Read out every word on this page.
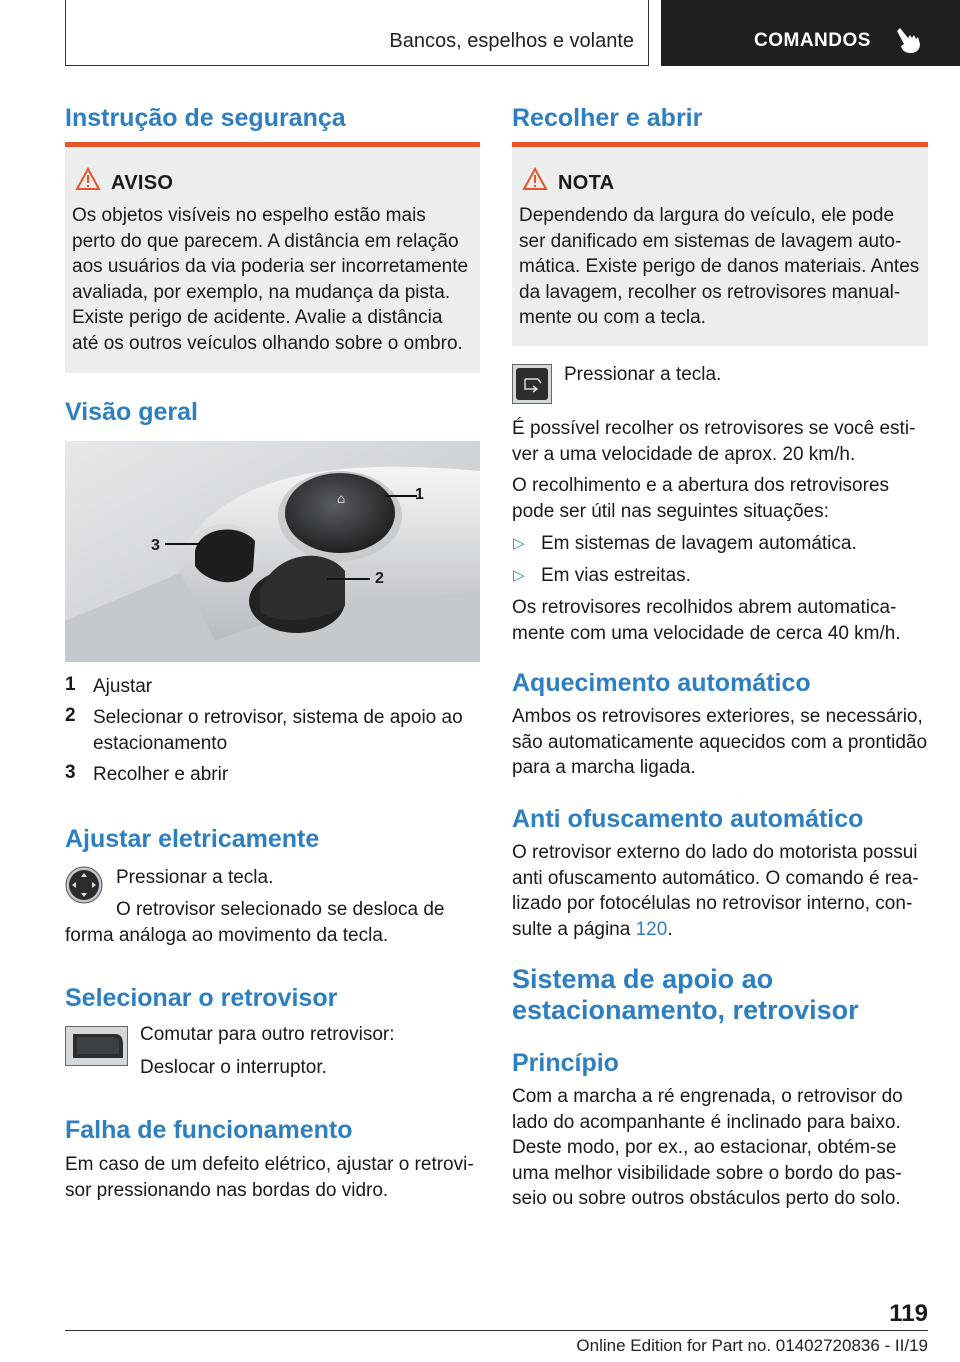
Bancos, espelhos e volante	COMANDOS
Instrução de segurança
AVISO

Os objetos visíveis no espelho estão mais perto do que parecem. A distância em relação aos usuários da via poderia ser incorretamente avaliada, por exemplo, na mudança da pista. Existe perigo de acidente. Avalie a distância até os outros veículos olhando sobre o ombro.

Visão geral
⌂	1
2
3
1 Ajustar

2 Selecionar o retrovisor, sistema de apoio ao estacionamento

3 Recolher e abrir

Ajustar eletricamente

Pressionar a tecla.

O retrovisor selecionado se desloca de forma análoga ao movimento da tecla.

Selecionar o retrovisor

Comutar para outro retrovisor:

Deslocar o interruptor.

Falha de funcionamento

Em caso de um defeito elétrico, ajustar o retrovisor pressionando nas bordas do vidro.

Recolher e abrir
NOTA

Dependendo da largura do veículo, ele pode ser danificado em sistemas de lavagem automática. Existe perigo de danos materiais. Antes da lavagem, recolher os retrovisores manualmente ou com a tecla.

Pressionar a tecla.

É possível recolher os retrovisores se você estiver a uma velocidade de aprox. 20 km/h.

O recolhimento e a abertura dos retrovisores pode ser útil nas seguintes situações:

▷ Em sistemas de lavagem automática.

▷ Em vias estreitas.

Os retrovisores recolhidos abrem automaticamente com uma velocidade de cerca 40 km/h.

Aquecimento automático

Ambos os retrovisores exteriores, se necessário, são automaticamente aquecidos com a prontidão para a marcha ligada.

Anti ofuscamento automático

O retrovisor externo do lado do motorista possui anti ofuscamento automático. O comando é realizado por fotocélulas no retrovisor interno, consulte a página 120.

Sistema de apoio ao
estacionamento, retrovisor
Princípio

Com a marcha a ré engrenada, o retrovisor do lado do acompanhante é inclinado para baixo. Deste modo, por ex., ao estacionar, obtém-se uma melhor visibilidade sobre o bordo do passeio ou sobre outros obstáculos perto do solo.

119
Online Edition for Part no. 01402720836 - II/19
